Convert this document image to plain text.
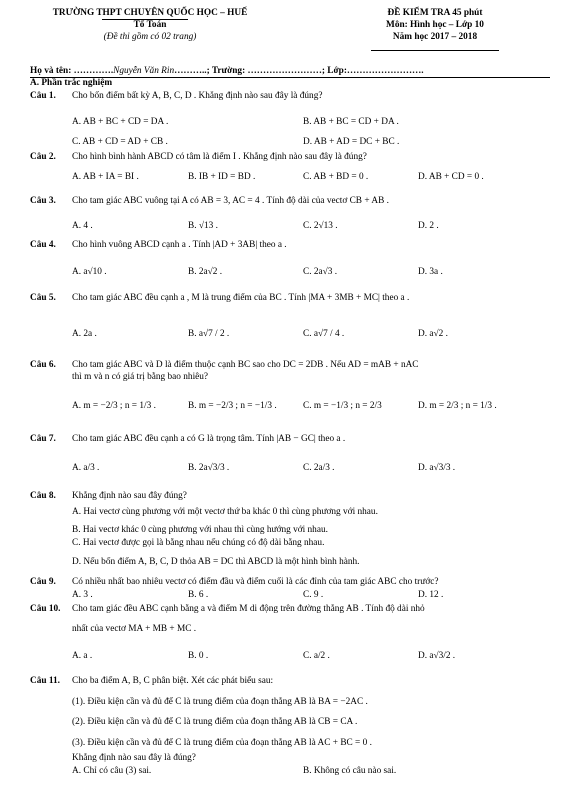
TRƯỜNG THPT CHUYÊN QUỐC HỌC – HUẾ
Tổ Toán
(Đề thi gồm có 02 trang)
ĐỀ KIỂM TRA 45 phút
Môn: Hình học – Lớp 10
Năm học 2017 – 2018
Họ và tên: ………….Nguyễn Văn Rin………..; Trường: ……………………; Lớp:…………………….
A. Phần trắc nghiệm
Câu 1. Cho bốn điểm bất kỳ A, B, C, D . Khẳng định nào sau đây là đúng?
A. AB + BC + CD = DA .	B. AB + BC = CD + DA .
C. AB + CD = AD + CB .	D. AB + AD = DC + BC .
Câu 2. Cho hình bình hành ABCD có tâm là điểm I . Khẳng định nào sau đây là đúng?
A. AB + IA = BI .	B. IB + ID = BD .	C. AB + BD = 0 .	D. AB + CD = 0 .
Câu 3. Cho tam giác ABC vuông tại A có AB = 3, AC = 4 . Tính độ dài của vectơ CB + AB .
A. 4 .	B. √13 .	C. 2√13 .	D. 2 .
Câu 4. Cho hình vuông ABCD cạnh a . Tính |AD + 3AB| theo a .
A. a√10 .	B. 2a√2 .	C. 2a√3 .	D. 3a .
Câu 5. Cho tam giác ABC đều cạnh a , M là trung điểm của BC . Tính |MA + 3MB + MC| theo a .
A. 2a .	B. a√7 / 2 .	C. a√7 / 4 .	D. a√2 .
Câu 6. Cho tam giác ABC và D là điểm thuộc cạnh BC sao cho DC = 2DB . Nếu AD = mAB + nAC
thì m và n có giá trị bằng bao nhiêu?
A. m = −2/3 ; n = 1/3 .	B. m = −2/3 ; n = −1/3 .	C. m = −1/3 ; n = 2/3	D. m = 2/3 ; n = 1/3 .
Câu 7. Cho tam giác ABC đều cạnh a có G là trọng tâm. Tính |AB − GC| theo a .
A. a/3 .	B. 2a√3/3 .	C. 2a/3 .	D. a√3/3 .
Câu 8. Khẳng định nào sau đây đúng?
A. Hai vectơ cùng phương với một vectơ thứ ba khác 0 thì cùng phương với nhau.
B. Hai vectơ khác 0 cùng phương với nhau thì cùng hướng với nhau.
C. Hai vectơ được gọi là bằng nhau nếu chúng có độ dài bằng nhau.
D. Nếu bốn điểm A, B, C, D thỏa AB = DC thì ABCD là một hình bình hành.
Câu 9. Có nhiều nhất bao nhiêu vectơ có điểm đầu và điểm cuối là các đỉnh của tam giác ABC cho trước?
A. 3 .	B. 6 .	C. 9 .	D. 12 .
Câu 10. Cho tam giác đều ABC cạnh bằng a và điểm M di động trên đường thẳng AB . Tính độ dài nhỏ
nhất của vectơ MA + MB + MC .
A. a .	B. 0 .	C. a/2 .	D. a√3/2 .
Câu 11. Cho ba điểm A, B, C phân biệt. Xét các phát biểu sau:
(1). Điều kiện cần và đủ để C là trung điểm của đoạn thẳng AB là BA = −2AC .
(2). Điều kiện cần và đủ để C là trung điểm của đoạn thẳng AB là CB = CA .
(3). Điều kiện cần và đủ để C là trung điểm của đoạn thẳng AB là AC + BC = 0 .
Khẳng định nào sau đây là đúng?
A. Chỉ có câu (3) sai.	B. Không có câu nào sai.
